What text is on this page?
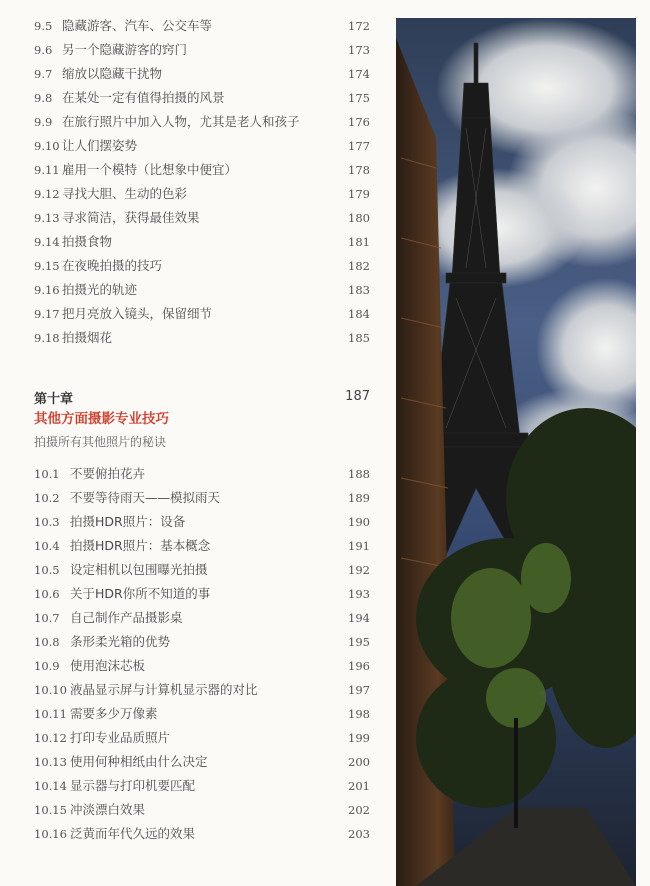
9.5 隐藏游客、汽车、公交车等	172
9.6 另一个隐藏游客的窍门	173
9.7 缩放以隐藏干扰物	174
9.8 在某处一定有值得拍摄的风景	175
9.9 在旅行照片中加入人物，尤其是老人和孩子	176
9.10 让人们摆姿势	177
9.11 雇用一个模特（比想象中便宜）	178
9.12 寻找大胆、生动的色彩	179
9.13 寻求简洁，获得最佳效果	180
9.14 拍摄食物	181
9.15 在夜晚拍摄的技巧	182
9.16 拍摄光的轨迹	183
9.17 把月亮放入镜头，保留细节	184
9.18 拍摄烟花	185
10.1 不要俯拍花卉	188
10.2 不要等待雨天——模拟雨天	189
10.3 拍摄HDR照片：设备	190
10.4 拍摄HDR照片：基本概念	191
10.5 设定相机以包围曝光拍摄	192
10.6 关于HDR你所不知道的事	193
10.7 自己制作产品摄影桌	194
10.8 条形柔光箱的优势	195
10.9 使用泡沫芯板	196
10.10 液晶显示屏与计算机显示器的对比	197
10.11 需要多少万像素	198
10.12 打印专业品质照片	199
10.13 使用何种相纸由什么决定	200
10.14 显示器与打印机要匹配	201
10.15 冲淡漂白效果	202
10.16 泛黄而年代久远的效果	203
第十章	187
其他方面摄影专业技巧
拍摄所有其他照片的秘诀
